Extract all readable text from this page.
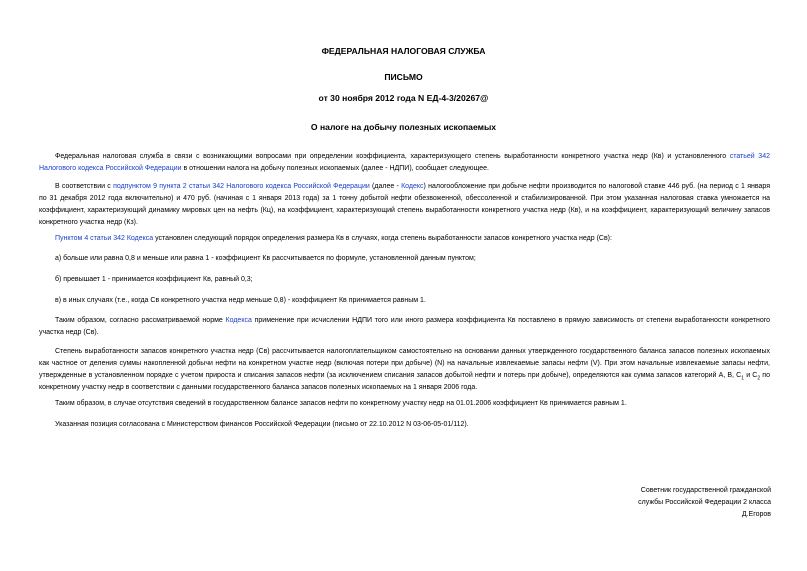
ФЕДЕРАЛЬНАЯ НАЛОГОВАЯ СЛУЖБА
ПИСЬМО
от 30 ноября 2012 года N ЕД-4-3/20267@
О налоге на добычу полезных ископаемых

Федеральная налоговая служба в связи с возникающими вопросами при определении коэффициента, характеризующего степень выработанности конкретного участка недр (Кв) и установленного статьей 342 Налогового кодекса Российской Федерации в отношении налога на добычу полезных ископаемых (далее - НДПИ), сообщает следующее.

В соответствии с подпунктом 9 пункта 2 статьи 342 Налогового кодекса Российской Федерации (далее - Кодекс) налогообложение при добыче нефти производится по налоговой ставке 446 руб. (на период с 1 января по 31 декабря 2012 года включительно) и 470 руб. (начиная с 1 января 2013 года) за 1 тонну добытой нефти обезвоженной, обессоленной и стабилизированной. При этом указанная налоговая ставка умножается на коэффициент, характеризующий динамику мировых цен на нефть (Кц), на коэффициент, характеризующий степень выработанности конкретного участка недр (Кв), и на коэффициент, характеризующий величину запасов конкретного участка недр (Кз).

Пунктом 4 статьи 342 Кодекса установлен следующий порядок определения размера Кв в случаях, когда степень выработанности запасов конкретного участка недр (Св):

а) больше или равна 0,8 и меньше или равна 1 - коэффициент Кв рассчитывается по формуле, установленной данным пунктом;

б) превышает 1 - принимается коэффициент Кв, равный 0,3;

в) в иных случаях (т.е., когда Св конкретного участка недр меньше 0,8) - коэффициент Кв принимается равным 1.

Таким образом, согласно рассматриваемой норме Кодекса применение при исчислении НДПИ того или иного размера коэффициента Кв поставлено в прямую зависимость от степени выработанности конкретного участка недр (Св).

Степень выработанности запасов конкретного участка недр (Св) рассчитывается налогоплательщиком самостоятельно на основании данных утвержденного государственного баланса запасов полезных ископаемых как частное от деления суммы накопленной добычи нефти на конкретном участке недр (включая потери при добыче) (N) на начальные извлекаемые запасы нефти (V). При этом начальные извлекаемые запасы нефти, утвержденные в установленном порядке с учетом прироста и списания запасов нефти (за исключением списания запасов добытой нефти и потерь при добыче), определяются как сумма запасов категорий А, В, $С_1$ и $С_2$ по конкретному участку недр в соответствии с данными государственного баланса запасов полезных ископаемых на 1 января 2006 года.

Таким образом, в случае отсутствия сведений в государственном балансе запасов нефти по конкретному участку недр на 01.01.2006 коэффициент Кв принимается равным 1.

Указанная позиция согласована с Министерством финансов Российской Федерации (письмо от 22.10.2012 N 03-06-05-01/112).

Советник государственной гражданской
службы Российской Федерации 2 класса
Д.Егоров
